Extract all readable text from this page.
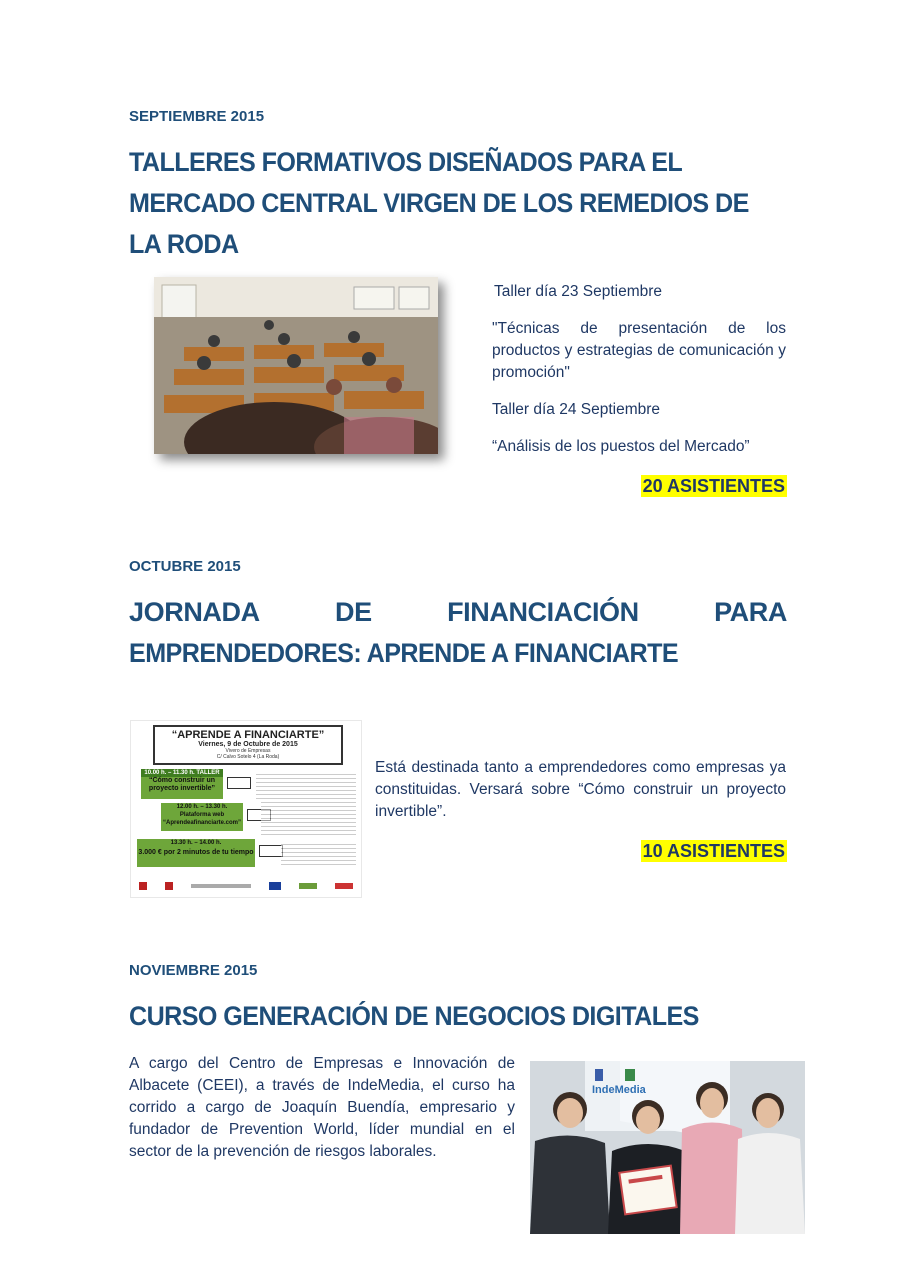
SEPTIEMBRE 2015
TALLERES FORMATIVOS DISEÑADOS PARA EL
MERCADO CENTRAL VIRGEN DE LOS REMEDIOS DE
LA RODA
Taller día 23 Septiembre
"Técnicas de presentación de los productos y estrategias de comunicación y promoción"
Taller día 24 Septiembre
“Análisis de los puestos del Mercado”
20 ASISTIENTES
OCTUBRE 2015
JORNADA	DE	FINANCIACIÓN	PARA
EMPRENDEDORES: APRENDE A FINANCIARTE
“APRENDE A FINANCIARTE”
Viernes, 9 de Octubre de 2015
Vivero de Empresas
C/ Calvo Sotelo 4 (La Roda)
10.00 h. – 11.30 h. TALLER
“Cómo construir un proyecto invertible”
12.00 h. – 13.30 h.
Plataforma web “Aprendeafinanciarte.com”
13.30 h. – 14.00 h.
3.000 € por 2 minutos de tu tiempo
Está destinada tanto a emprendedores como empresas ya constituidas. Versará sobre “Cómo construir un proyecto invertible”.
10 ASISTIENTES
NOVIEMBRE 2015
CURSO GENERACIÓN DE NEGOCIOS DIGITALES
A cargo del Centro de Empresas e Innovación de Albacete (CEEI), a través de IndeMedia, el curso ha corrido a cargo de Joaquín Buendía, empresario y fundador de Prevention World, líder mundial en el sector de la prevención de riesgos laborales.
IndeMedia
